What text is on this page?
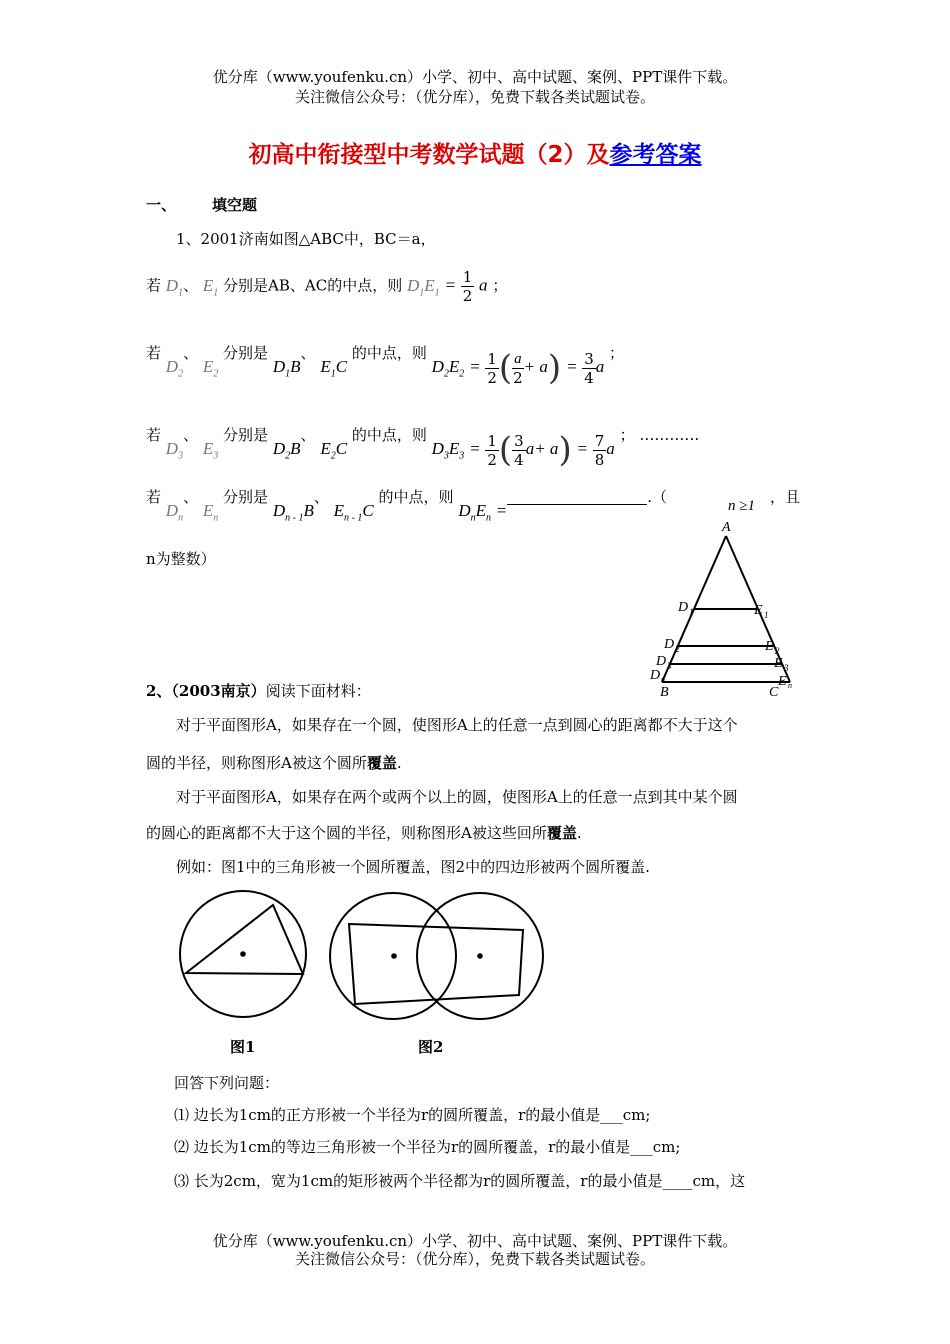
优分库（www.youfenku.cn）小学、初中、高中试题、案例、PPT课件下载。
关注微信公众号：（优分库），免费下载各类试题试卷。
初高中衔接型中考数学试题（2）及参考答案
一、 填空题
1、2001济南如图△ABC中，BC＝a，
若 $D_1$、 $E_1$ 分别是AB、AC的中点，则 $D_1E_1 = \frac{1}{2}$ a ；
若 $D_2$、 $E_2$ 分别是 $D_1B$、 $E_1C$ 的中点，则 $D_2E_2 = \frac{1}{2}$ ( $\frac{a}{2} + a) = \frac{3}{4}$ a ；
若 $D_3$、 $E_3$ 分别是 $D_2B$、 $E_2C$ 的中点，则 $D_3E_3 = \frac{1}{2}$ ( $\frac{3}{4} a+ a) = \frac{7}{8}$ a ； …………
若 $D_n$、 $E_n$ 分别是 $D_{n - 1}B$、 $E_{n - 1}C$ 的中点，则 $D_nE_n$ =.（	n ≥1 ，且
n为整数）
A
D 1	E 1
D 2	E 2
D 3	E 3
D n	E n
B	C
2、（2003南京）阅读下面材料：
对于平面图形A，如果存在一个圆，使图形A上的任意一点到圆心的距离都不大于这个
圆的半径，则称图形A被这个圆所覆盖.
对于平面图形A，如果存在两个或两个以上的圆，使图形A上的任意一点到其中某个圆
的圆心的距离都不大于这个圆的半径，则称图形A被这些回所覆盖.
例如：图1中的三角形被一个圆所覆盖，图2中的四边形被两个圆所覆盖.
图1	图2
回答下列问题：
⑴ 边长为1cm的正方形被一个半径为r的圆所覆盖，r的最小值是___cm;
⑵ 边长为1cm的等边三角形被一个半径为r的圆所覆盖，r的最小值是___cm;
⑶ 长为2cm，宽为1cm的矩形被两个半径都为r的圆所覆盖，r的最小值是____cm，这
优分库（www.youfenku.cn）小学、初中、高中试题、案例、PPT课件下载。
关注微信公众号：（优分库），免费下载各类试题试卷。
